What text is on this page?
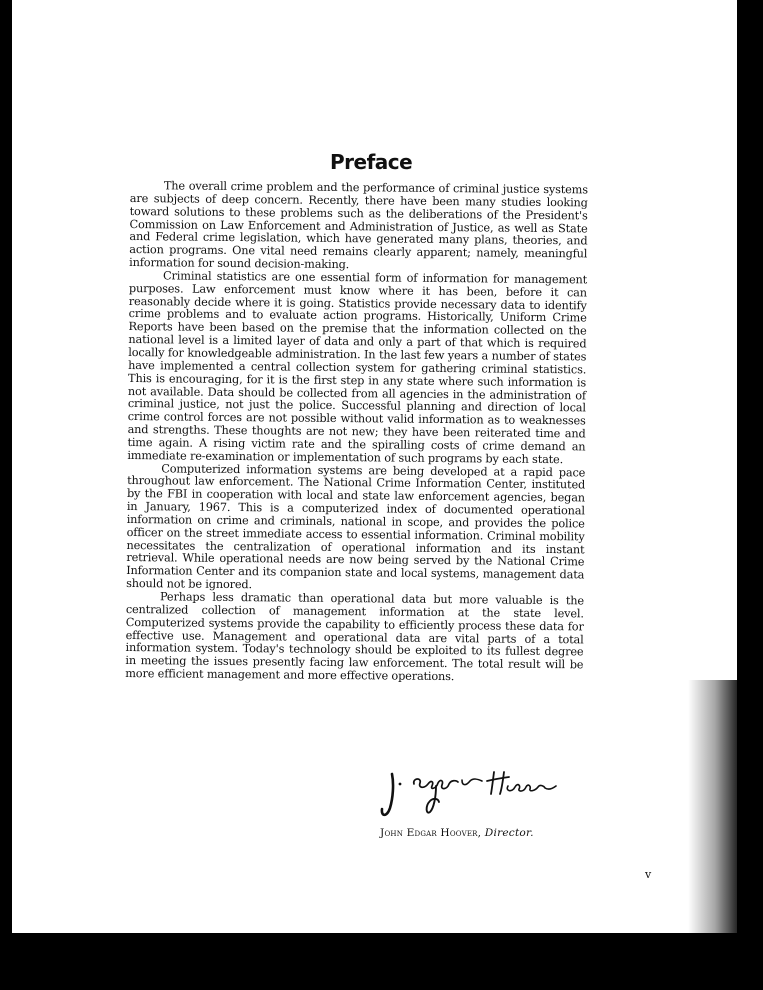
Preface

The overall crime problem and the performance of criminal justice systems are subjects of deep concern. Recently, there have been many studies looking toward solutions to these problems such as the deliberations of the President's Commission on Law Enforcement and Administration of Justice, as well as State and Federal crime legislation, which have generated many plans, theories, and action programs. One vital need remains clearly apparent; namely, meaningful information for sound decision-making.

Criminal statistics are one essential form of information for management purposes. Law enforcement must know where it has been, before it can reasonably decide where it is going. Statistics provide necessary data to identify crime problems and to evaluate action programs. Historically, Uniform Crime Reports have been based on the premise that the information collected on the national level is a limited layer of data and only a part of that which is required locally for knowledgeable administration. In the last few years a number of states have implemented a central collection system for gathering criminal statistics. This is encouraging, for it is the first step in any state where such information is not available. Data should be collected from all agencies in the administration of criminal justice, not just the police. Successful planning and direction of local crime control forces are not possible without valid information as to weaknesses and strengths. These thoughts are not new; they have been reiterated time and time again. A rising victim rate and the spiralling costs of crime demand an immediate re-examination or implementation of such programs by each state.

Computerized information systems are being developed at a rapid pace throughout law enforcement. The National Crime Information Center, instituted by the FBI in cooperation with local and state law enforcement agencies, began in January, 1967. This is a computerized index of documented operational information on crime and criminals, national in scope, and provides the police officer on the street immediate access to essential information. Criminal mobility necessitates the centralization of operational information and its instant retrieval. While operational needs are now being served by the National Crime Information Center and its companion state and local systems, management data should not be ignored.

Perhaps less dramatic than operational data but more valuable is the centralized collection of management information at the state level. Computerized systems provide the capability to efficiently process these data for effective use. Management and operational data are vital parts of a total information system. Today's technology should be exploited to its fullest degree in meeting the issues presently facing law enforcement. The total result will be more efficient management and more effective operations.

John Edgar Hoover, Director.

v
